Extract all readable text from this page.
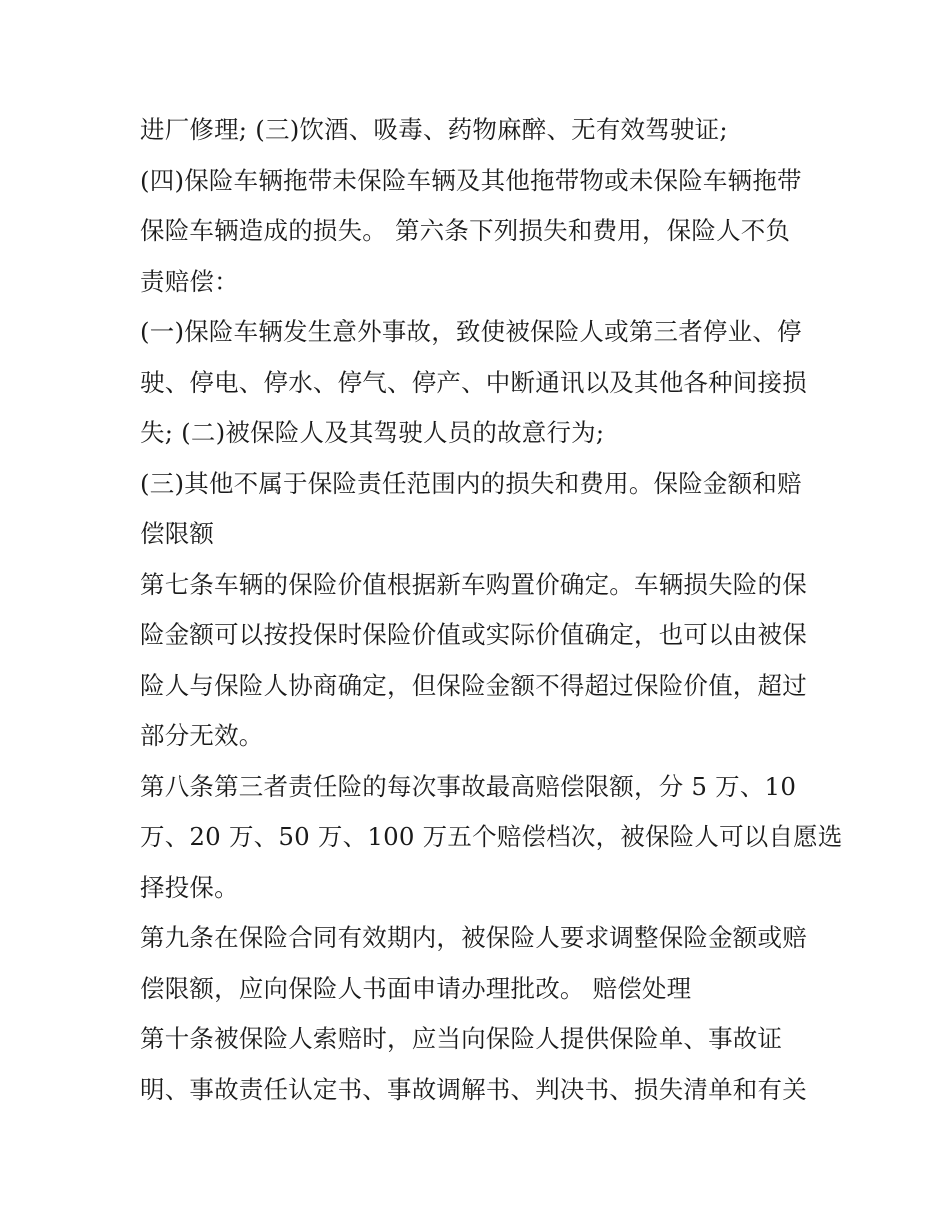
进厂修理; (三)饮酒、吸毒、药物麻醉、无有效驾驶证;
(四)保险车辆拖带未保险车辆及其他拖带物或未保险车辆拖带
保险车辆造成的损失。 第六条下列损失和费用，保险人不负
责赔偿：
(一)保险车辆发生意外事故，致使被保险人或第三者停业、停
驶、停电、停水、停气、停产、中断通讯以及其他各种间接损
失; (二)被保险人及其驾驶人员的故意行为;
(三)其他不属于保险责任范围内的损失和费用。保险金额和赔
偿限额
第七条车辆的保险价值根据新车购置价确定。车辆损失险的保
险金额可以按投保时保险价值或实际价值确定，也可以由被保
险人与保险人协商确定，但保险金额不得超过保险价值，超过
部分无效。
第八条第三者责任险的每次事故最高赔偿限额，分 5 万、10
万、20 万、50 万、100 万五个赔偿档次，被保险人可以自愿选
择投保。
第九条在保险合同有效期内，被保险人要求调整保险金额或赔
偿限额，应向保险人书面申请办理批改。 赔偿处理
第十条被保险人索赔时，应当向保险人提供保险单、事故证
明、事故责任认定书、事故调解书、判决书、损失清单和有关
